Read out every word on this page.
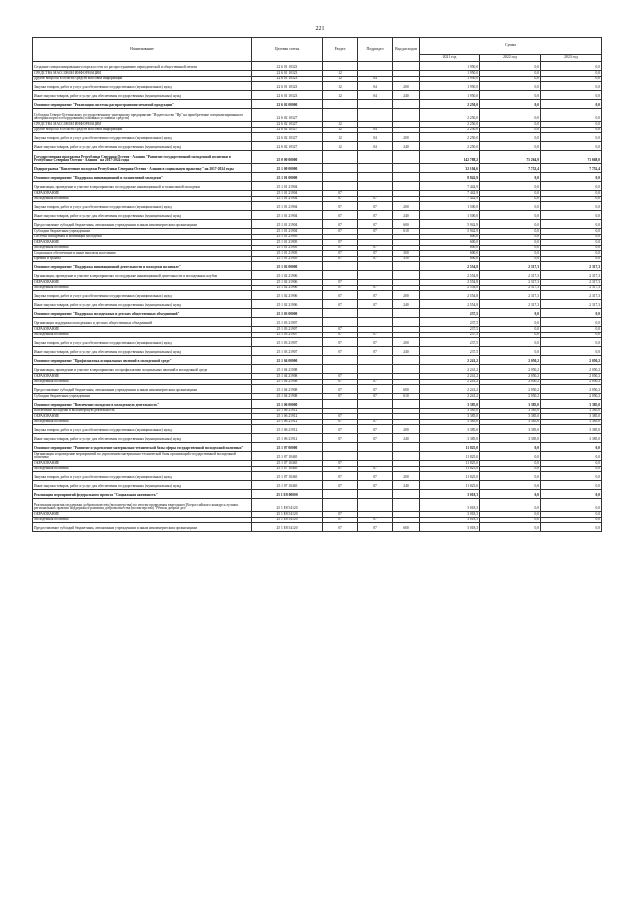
221
Наименование	Целевая статья	Раздел	Подраздел	Вид расходов	Сумма		
					2021 год	2022 год	2023 год
Создание специализированного портала сети по распространению периодической и общественной печати	22 6 01 10323				1 950,0	0,0	0,0
СРЕДСТВА МАССОВОЙ ИНФОРМАЦИИ	22 6 01 10323	12			1 950,0	0,0	0,0
Другие вопросы в области средств массовой информации	22 6 01 10323	12	04		1 950,0	0,0	0,0
Закупка товаров, работ и услуг для обеспечения государственных (муниципальных) нужд	22 6 01 10323	12	04	200	1 950,0	0,0	0,0
Иные закупки товаров, работ и услуг для обеспечения государственных (муниципальных) нужд	22 6 01 10323	12	04	240	1 950,0	0,0	0,0
Основное мероприятие "Реализация системы распространения печатной продукции"	22 6 02 00000				2 250,0	0,0	0,0
Субсидия Северо-Осетинскому государственному унитарному предприятию "Издательство "Ир" на приобретение специализированного автотранспорта и оборудования (основных условных средств)	22 6 02 10327				2 250,0	0,0	0,0
СРЕДСТВА МАССОВОЙ ИНФОРМАЦИИ	22 6 02 10327	12			2 250,0	0,0	0,0
Другие вопросы в области средств массовой информации	22 6 02 10327	12	04		2 250,0	0,0	0,0
Закупка товаров, работ и услуг для обеспечения государственных (муниципальных) нужд	22 6 02 10327	12	04	200	2 250,0	0,0	0,0
Иные закупки товаров, работ и услуг для обеспечения государственных (муниципальных) нужд	22 6 02 10327	12	04	240	2 250,0	0,0	0,0
Государственная программа Республики Северная Осетия - Алания "Развитие государственной молодежной политики в Республике Северная Осетия - Алания" на 2017-2024 годы	25 0 00 00000				142 788,2	75 264,9	71 668,0
Подпрограмма "Вовлечение молодежи Республики Северная Осетия - Алания в социальную практику" на 2017-2024 годы	25 1 00 00000				32 104,6	7 752,4	7 752,4
Основное мероприятие "Поддержка инновационной и талантливой молодежи"	25 1 01 00000				8 842,9	0,0	0,0
Организация, проведение и участие в мероприятиях по поддержке инновационной и талантливой молодежи	25 1 01 21904				7 442,9	0,0	0,0
ОБРАЗОВАНИЕ	25 1 01 21904	07			7 442,9	0,0	0,0
Молодежная политика	25 1 01 21904	07	07		7 442,9	0,0	0,0
Закупка товаров, работ и услуг для обеспечения государственных (муниципальных) нужд	25 1 01 21904	07	07	200	1 500,0	0,0	0,0
Иные закупки товаров, работ и услуг для обеспечения государственных (муниципальных) нужд	25 1 01 21904	07	07	240	1 500,0	0,0	0,0
Предоставление субсидий бюджетным, автономным учреждениям и иным некоммерческим организациям	25 1 01 21904	07	07	600	5 942,9	0,0	0,0
Субсидии бюджетным учреждениям	25 1 01 21904	07	07	610	5 942,9	0,0	0,0
Система поощрения и мотивации молодежи	25 1 01 21905				600,0	0,0	0,0
ОБРАЗОВАНИЕ	25 1 01 21905	07			600,0	0,0	0,0
Молодежная политика	25 1 01 21905	07	07		600,0	0,0	0,0
Социальное обеспечение и иные выплаты населению	25 1 01 21905	07	07	300	600,0	0,0	0,0
Премии и гранты	25 1 01 21905	07	07	350	600,0	0,0	0,0
Основное мероприятие "Поддержка инновационной деятельности и молодежи на начале"	25 1 02 00000				2 554,8	2 317,3	2 317,3
Организация, проведение и участие в мероприятиях по поддержке инновационной деятельности и молодежных клубов	25 1 02 21906				2 554,8	2 317,3	2 317,3
ОБРАЗОВАНИЕ	25 1 02 21906	07			2 554,8	2 317,3	2 317,3
Молодежная политика	25 1 02 21906	07	07		2 554,8	2 317,3	2 317,3
Закупка товаров, работ и услуг для обеспечения государственных (муниципальных) нужд	25 1 02 21906	07	07	200	2 554,8	2 317,3	2 317,3
Иные закупки товаров, работ и услуг для обеспечения государственных (муниципальных) нужд	25 1 02 21906	07	07	240	2 554,8	2 317,3	2 317,3
Основное мероприятие "Поддержка молодежных и детских общественных объединений"	25 1 03 00000				237,5	0,0	0,0
Организация поддержки молодежных и детских общественных объединений	25 1 03 21907				237,5	0,0	0,0
ОБРАЗОВАНИЕ	25 1 03 21907	07			237,5	0,0	0,0
Молодежная политика	25 1 03 21907	07	07		237,5	0,0	0,0
Закупка товаров, работ и услуг для обеспечения государственных (муниципальных) нужд	25 1 03 21907	07	07	200	237,5	0,0	0,0
Иные закупки товаров, работ и услуг для обеспечения государственных (муниципальных) нужд	25 1 03 21907	07	07	240	237,5	0,0	0,0
Основное мероприятие "Профилактика асоциальных явлений в молодежной среде"	25 1 04 00000				2 241,2	2 050,2	2 050,2
Организация, проведение и участие в мероприятиях по профилактике асоциальных явлений в молодежной среде	25 1 04 21908				2 241,2	2 050,2	2 050,2
ОБРАЗОВАНИЕ	25 1 04 21908	07			2 241,2	2 050,2	2 050,2
Молодежная политика	25 1 04 21908	07	07		2 241,2	2 050,2	2 050,2
Предоставление субсидий бюджетным, автономным учреждениям и иным некоммерческим организациям	25 1 04 21908	07	07	600	2 241,2	2 050,2	2 050,2
Субсидии бюджетным учреждениям	25 1 04 21908	07	07	610	2 241,2	2 050,2	2 050,2
Основное мероприятие "Вовлечение молодежи в молодежную деятельность"	25 1 06 00000				3 385,0	3 385,0	3 385,0
Вовлечение молодежи в волонтерскую деятельность	25 1 06 21912				3 385,0	3 385,0	3 385,0
ОБРАЗОВАНИЕ	25 1 06 21912	07			3 385,0	3 385,0	3 385,0
Молодежная политика	25 1 06 21912	07	07		3 385,0	3 385,0	3 385,0
Закупка товаров, работ и услуг для обеспечения государственных (муниципальных) нужд	25 1 06 21912	07	07	200	3 385,0	3 385,0	3 385,0
Иные закупки товаров, работ и услуг для обеспечения государственных (муниципальных) нужд	25 1 06 21912	07	07	240	3 385,0	3 385,0	3 385,0
Основное мероприятие "Развитие и укрепление материально-технической базы сферы государственной молодежной политики"	25 1 07 00000				11 825,0	0,0	0,0
Организация и проведение мероприятий по укреплению материально-технической базы организаций государственной молодежной политики	25 1 07 10465				11 825,0	0,0	0,0
ОБРАЗОВАНИЕ	25 1 07 10465	07			11 825,0	0,0	0,0
Молодежная политика	25 1 07 10465	07	07		11 825,0	0,0	0,0
Закупка товаров, работ и услуг для обеспечения государственных (муниципальных) нужд	25 1 07 10465	07	07	200	11 825,0	0,0	0,0
Иные закупки товаров, работ и услуг для обеспечения государственных (муниципальных) нужд	25 1 07 10465	07	07	240	11 825,0	0,0	0,0
Реализация мероприятий федерального проекта "Социальная активность"	25 1 E8 00000				3 018,3	0,0	0,0
Реализация практик поддержки добровольчества (волонтерства) по итогам проведения ежегодного Всероссийского конкурса лучших региональных практик поддержки и развития добровольчества (волонтерства) "Регион добрых дел"	25 1 E8 54120				3 018,3	0,0	0,0
ОБРАЗОВАНИЕ	25 1 E8 54120	07			3 018,3	0,0	0,0
Молодежная политика	25 1 E8 54120	07	07		3 018,3	0,0	0,0
Предоставление субсидий бюджетным, автономным учреждениям и иным некоммерческим организациям	25 1 E8 54120	07	07	600	3 018,3	0,0	0,0
